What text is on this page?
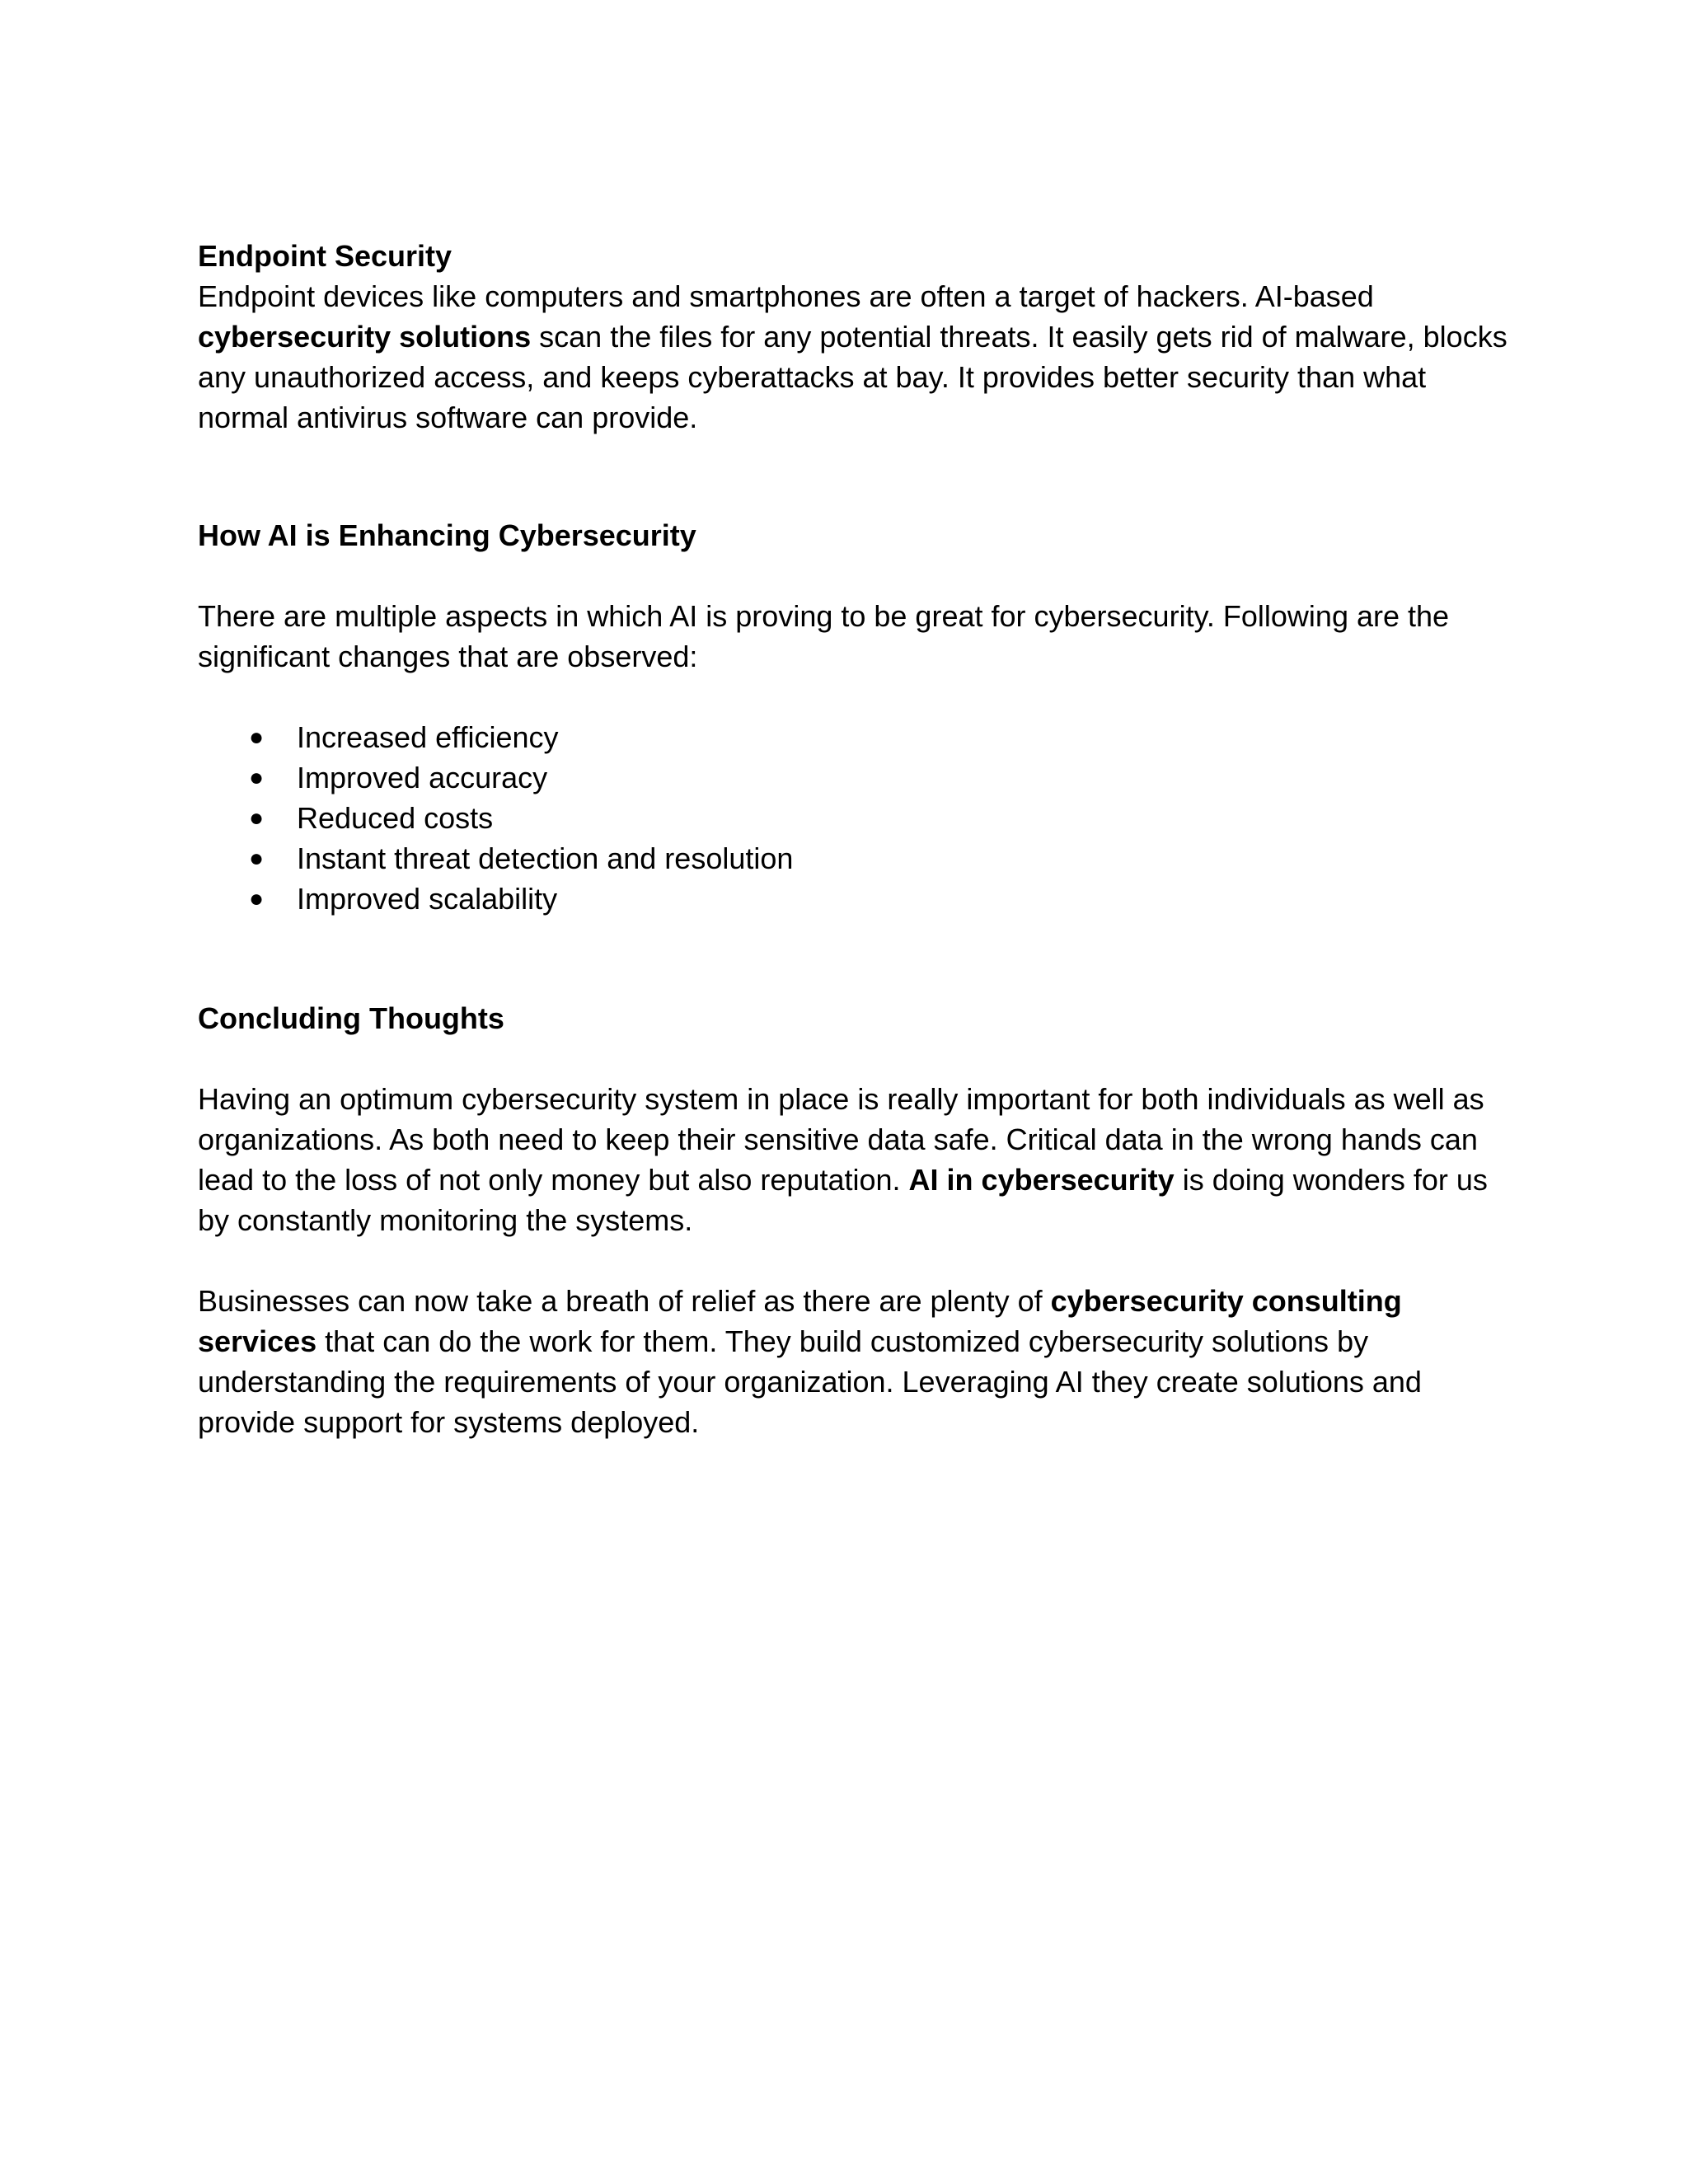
Endpoint Security

Endpoint devices like computers and smartphones are often a target of hackers. AI-based cybersecurity solutions scan the files for any potential threats. It easily gets rid of malware, blocks any unauthorized access, and keeps cyberattacks at bay. It provides better security than what normal antivirus software can provide.

How AI is Enhancing Cybersecurity

There are multiple aspects in which AI is proving to be great for cybersecurity. Following are the significant changes that are observed:

● Increased efficiency
● Improved accuracy
● Reduced costs
● Instant threat detection and resolution
● Improved scalability

Concluding Thoughts

Having an optimum cybersecurity system in place is really important for both individuals as well as organizations. As both need to keep their sensitive data safe. Critical data in the wrong hands can lead to the loss of not only money but also reputation. AI in cybersecurity is doing wonders for us by constantly monitoring the systems.

Businesses can now take a breath of relief as there are plenty of cybersecurity consulting services that can do the work for them. They build customized cybersecurity solutions by understanding the requirements of your organization. Leveraging AI they create solutions and provide support for systems deployed.
